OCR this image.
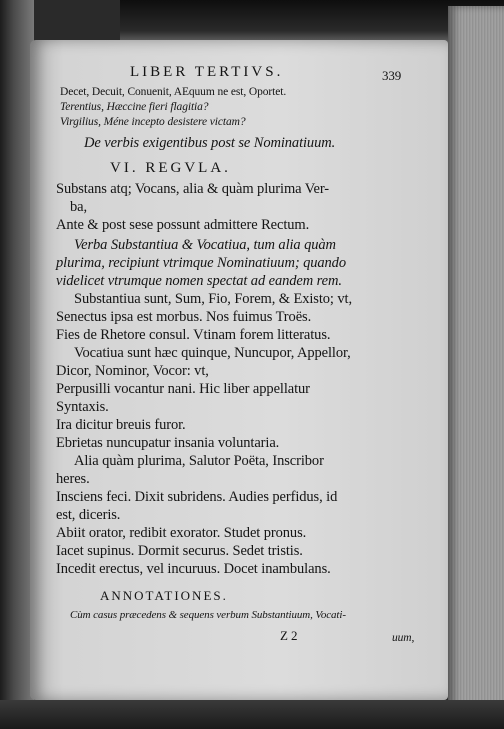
LIBER TERTIVS.	339
Decet, Decuit, Conuenit, AEquum ne est, Oportet.
Terentius, Hæccine fieri flagitia?
Virgilius, Méne incepto desistere victam?
De verbis exigentibus post se Nominatiuum.
VI. REGVLA.
Substans atq; Vocans, alia & quàm plurima Ver-
ba,
Ante & post sese possunt admittere Rectum.
Verba Substantiua & Vocatiua, tum alia quàm
plurima, recipiunt vtrimque Nominatiuum; quando
videlicet vtrumque nomen spectat ad eandem rem.
Substantiua sunt, Sum, Fio, Forem, & Existo; vt,
Senectus ipsa est morbus. Nos fuimus Troës.
Fies de Rhetore consul. Vtinam forem litteratus.
Vocatiua sunt hæc quinque, Nuncupor, Appellor,
Dicor, Nominor, Vocor: vt,
Perpusilli vocantur nani. Hic liber appellatur
Syntaxis.
Ira dicitur breuis furor.
Ebrietas nuncupatur insania voluntaria.
Alia quàm plurima, Salutor Poëta, Inscribor
heres.
Insciens feci. Dixit subridens. Audies perfidus, id
est, diceris.
Abiit orator, redibit exorator. Studet pronus.
Iacet supinus. Dormit securus. Sedet tristis.
Incedit erectus, vel incuruus. Docet inambulans.
ANNOTATIONES.
Cùm casus præcedens & sequens verbum Substantiuum, Vocati-
Z 2	uum,
